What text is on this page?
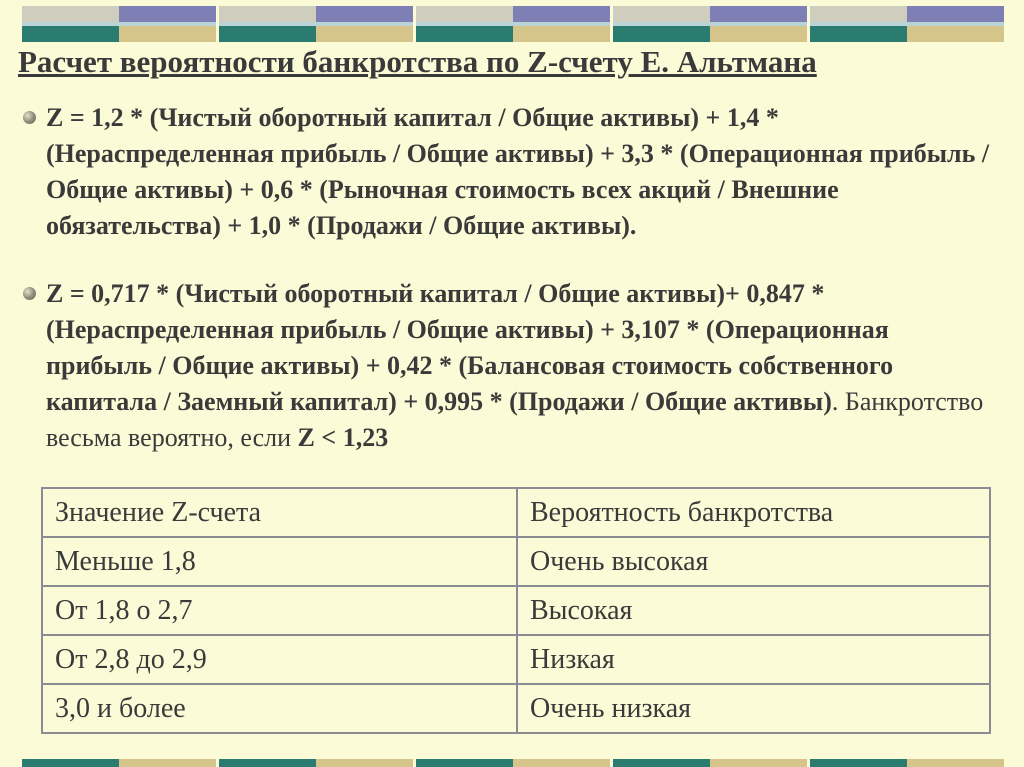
Расчет вероятности банкротства по Z-счету Е. Альтмана
Z = 1,2 * (Чистый оборотный капитал / Общие активы) + 1,4 * (Нераспределенная прибыль / Общие активы) + 3,3 * (Операционная прибыль / Общие активы) + 0,6 * (Рыночная стоимость всех акций / Внешние обязательства) + 1,0 * (Продажи / Общие активы).
Z = 0,717 * (Чистый оборотный капитал / Общие активы)+ 0,847 * (Нераспределенная прибыль / Общие активы) + 3,107 * (Операционная прибыль / Общие активы) + 0,42 * (Балансовая стоимость собственного капитала / Заемный капитал) + 0,995 * (Продажи / Общие активы). Банкротство весьма вероятно, если Z < 1,23
Значение Z-счета	Вероятность банкротства
Меньше 1,8	Очень высокая
От 1,8 о 2,7	Высокая
От 2,8 до 2,9	Низкая
3,0 и более	Очень низкая
